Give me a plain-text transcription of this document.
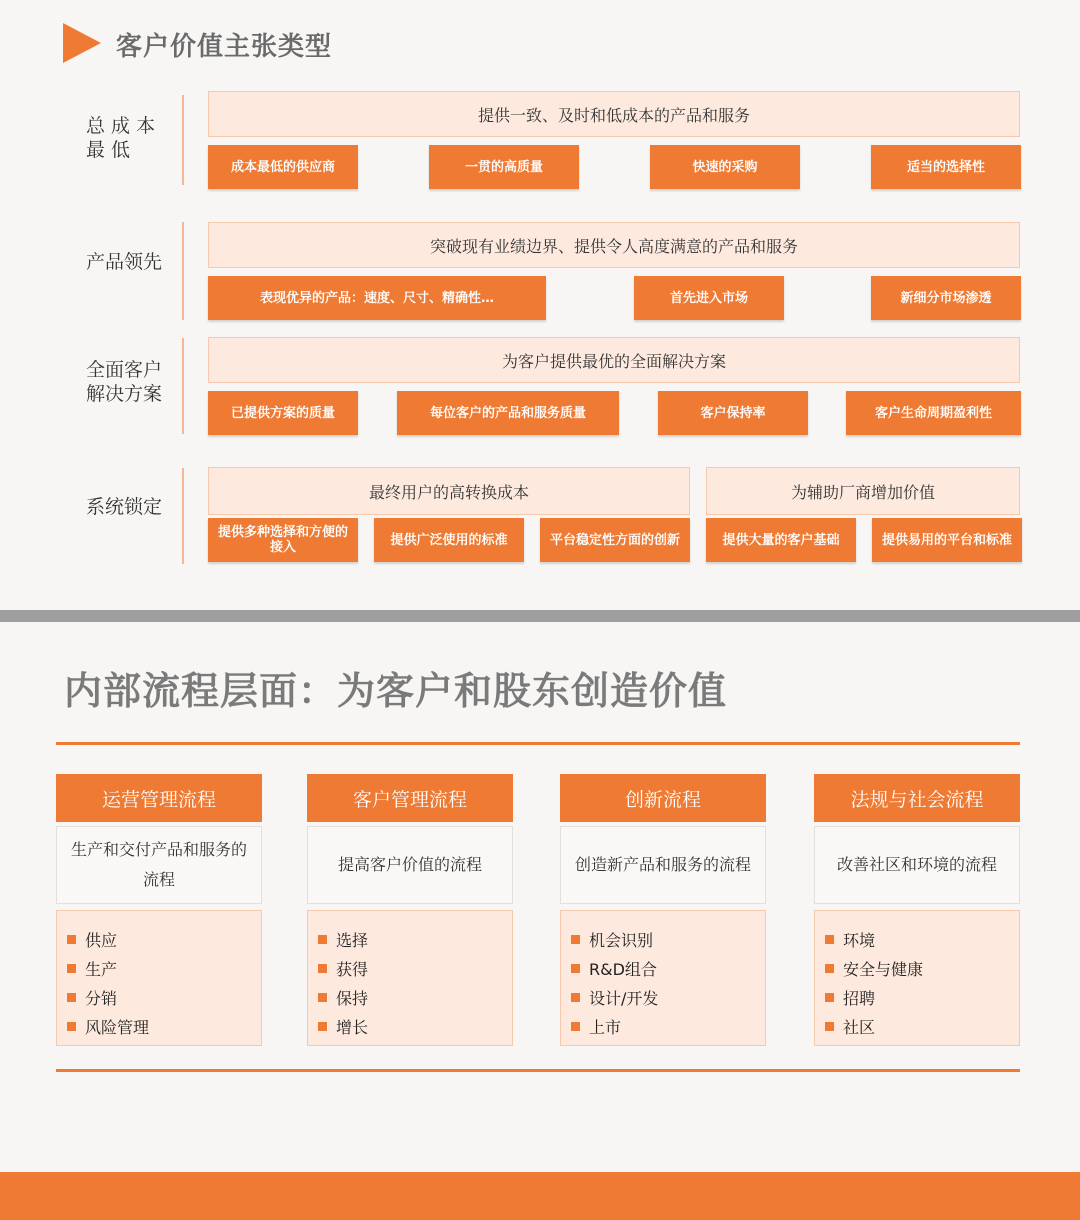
客户价值主张类型
总 成 本
最 低
提供一致、及时和低成本的产品和服务
成本最低的供应商	一贯的高质量	快速的采购	适当的选择性
产品领先
突破现有业绩边界、提供令人高度满意的产品和服务
表现优异的产品：速度、尺寸、精确性…	首先进入市场	新细分市场渗透
全面客户
解决方案
为客户提供最优的全面解决方案
已提供方案的质量	每位客户的产品和服务质量	客户保持率	客户生命周期盈利性
系统锁定
最终用户的高转换成本	为辅助厂商增加价值
提供多种选择和方便的接入	提供广泛使用的标准	平台稳定性方面的创新	提供大量的客户基础	提供易用的平台和标准
内部流程层面：为客户和股东创造价值
运营管理流程
生产和交付产品和服务的流程
供应
生产
分销
风险管理
客户管理流程
提高客户价值的流程
选择
获得
保持
增长
创新流程
创造新产品和服务的流程
机会识别
R&D组合
设计/开发
上市
法规与社会流程
改善社区和环境的流程
环境
安全与健康
招聘
社区
